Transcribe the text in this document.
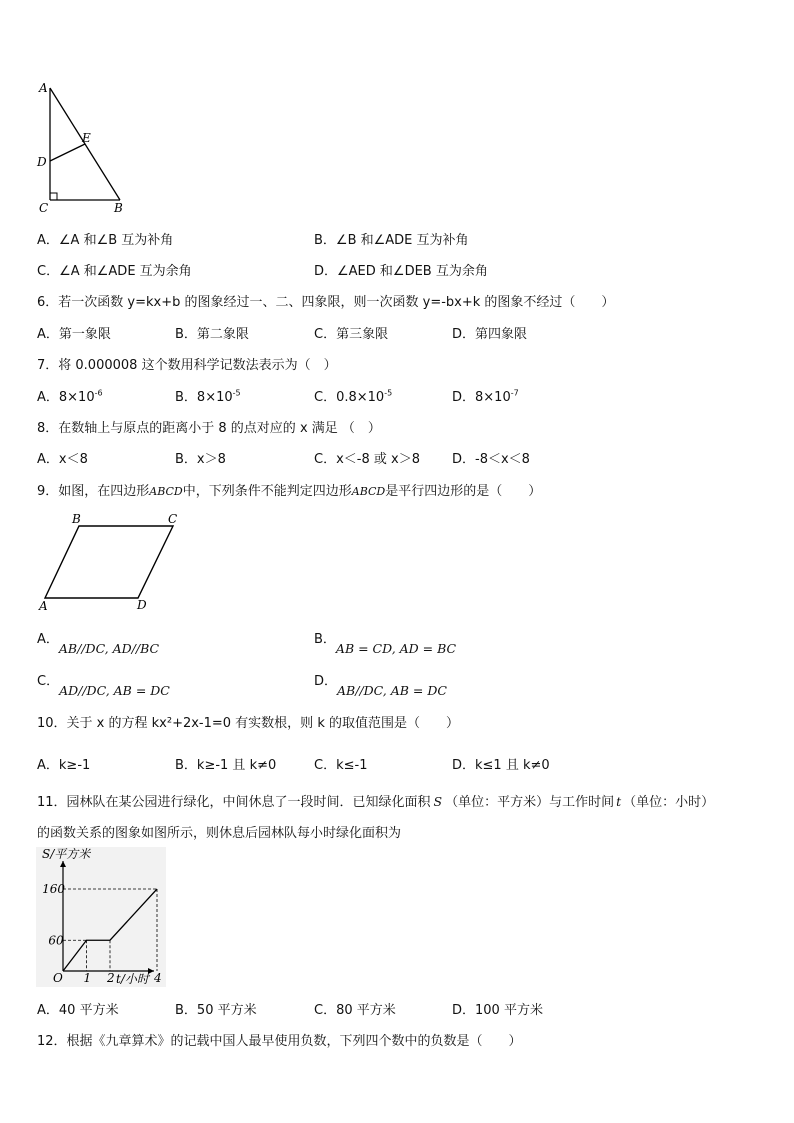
A
E
D
C	B
A．∠A 和∠B 互为补角	B．∠B 和∠ADE 互为补角
C．∠A 和∠ADE 互为余角	D．∠AED 和∠DEB 互为余角
6．若一次函数 y=kx+b 的图象经过一、二、四象限，则一次函数 y=-bx+k 的图象不经过（　　）
A．第一象限	B．第二象限	C．第三象限	D．第四象限
7．将 0.000008 这个数用科学记数法表示为（　）
A．$8\times 10^{-6}$	B．$8\times 10^{-5}$	C．$0.8\times 10^{-5}$	D．$8\times 10^{-7}$
8．在数轴上与原点的距离小于 8 的点对应的 x 满足 （　）
A．x＜8	B．x＞8	C．x＜-8 或 x＞8 D．-8＜x＜8
9．如图，在四边形ABCD中，下列条件不能判定四边形ABCD是平行四边形的是（　　）
B	C
A	D
A．AB//DC, AD//BC
B．AB = CD, AD = BC
C．AD//DC, AB = DC
D．AB//DC, AB = DC
10．关于 x 的方程 kx²+2x-1=0 有实数根，则 k 的取值范围是（　　）
A．k≥-1	B．k≥-1 且 k≠0	C．k≤-1	D．k≤1 且 k≠0
11．园林队在某公园进行绿化，中间休息了一段时间．已知绿化面积 S （单位：平方米）与工作时间 t （单位：小时）
的函数关系的图象如图所示，则休息后园林队每小时绿化面积为
S/平方米
t/小时
O 1 2	4
60
160
A．40 平方米	B．50 平方米	C．80 平方米	D．100 平方米
12．根据《九章算术》的记载中国人最早使用负数，下列四个数中的负数是（　　）
